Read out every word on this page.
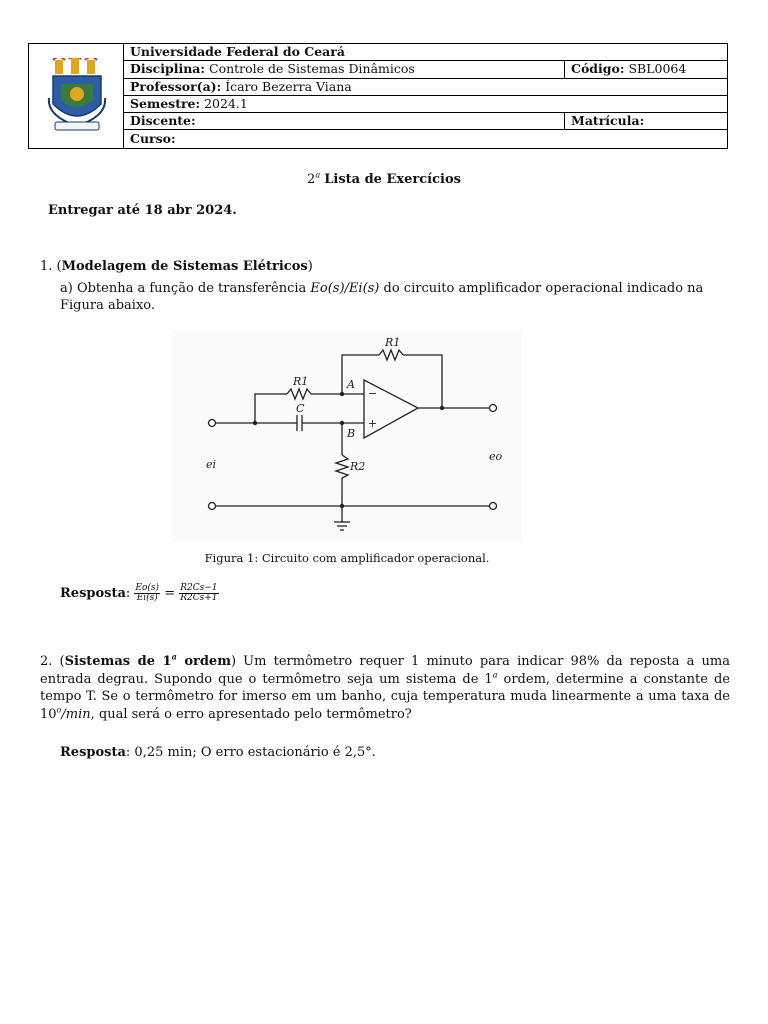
Universidade Federal do Ceará
Disciplina: Controle de Sistemas Dinâmicos	Código: SBL0064
Professor(a): Ícaro Bezerra Viana
Semestre: 2024.1
Discente:	Matrícula:
Curso:
2$^a$ Lista de Exercícios
Entregar até 18 abr 2024.
1. (Modelagem de Sistemas Elétricos)
a) Obtenha a função de transferência Eo(s)/Ei(s) do circuito amplificador operacional indicado na Figura abaixo.
R1
R1
C
A
B
R2
ei
eo
−
+
Figura 1: Circuito com amplificador operacional.
Resposta: $\frac{Eo(s)}{Ei(s)} = \frac{R2Cs-1}{R2Cs+1}$
2. (Sistemas de 1$^a$ ordem) Um termômetro requer 1 minuto para indicar 98% da reposta a uma entrada degrau. Supondo que o termômetro seja um sistema de 1$^a$ ordem, determine a constante de tempo T. Se o termômetro for imerso em um banho, cuja temperatura muda linearmente a uma taxa de 10$^o$/min, qual será o erro apresentado pelo termômetro?
Resposta: 0,25 min; O erro estacionário é 2,5°.
